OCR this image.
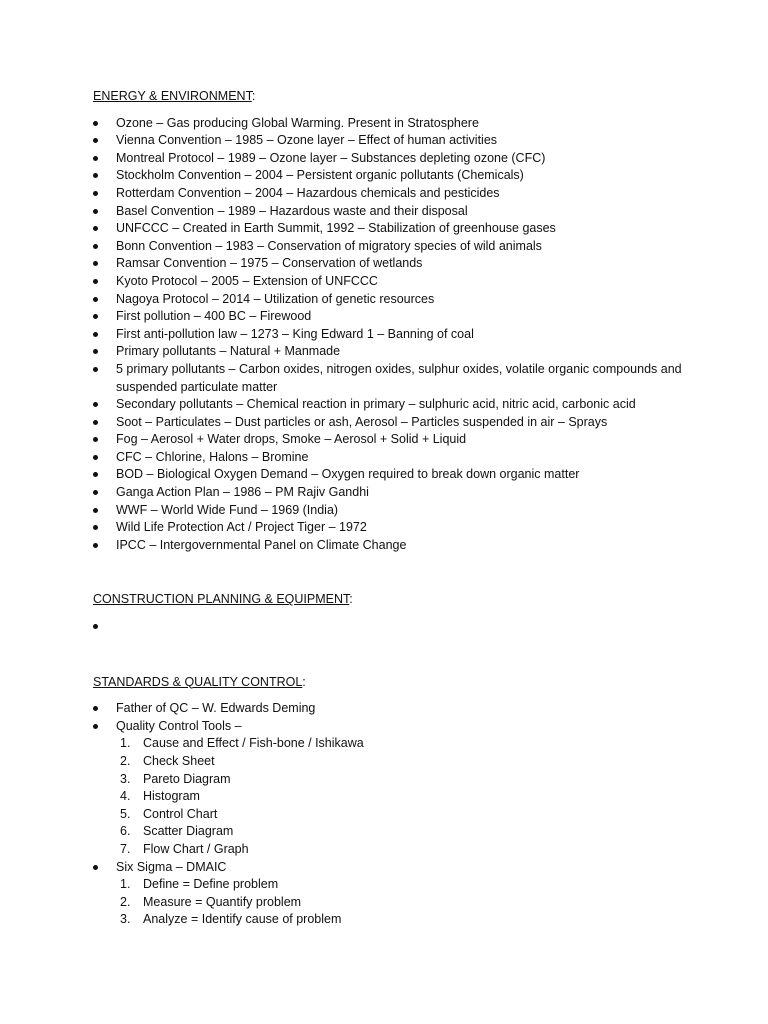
ENERGY & ENVIRONMENT:
Ozone – Gas producing Global Warming. Present in Stratosphere
Vienna Convention – 1985 – Ozone layer – Effect of human activities
Montreal Protocol – 1989 – Ozone layer – Substances depleting ozone (CFC)
Stockholm Convention – 2004 – Persistent organic pollutants (Chemicals)
Rotterdam Convention – 2004 – Hazardous chemicals and pesticides
Basel Convention – 1989 – Hazardous waste and their disposal
UNFCCC – Created in Earth Summit, 1992 – Stabilization of greenhouse gases
Bonn Convention – 1983 – Conservation of migratory species of wild animals
Ramsar Convention – 1975 – Conservation of wetlands
Kyoto Protocol – 2005 – Extension of UNFCCC
Nagoya Protocol – 2014 – Utilization of genetic resources
First pollution – 400 BC – Firewood
First anti-pollution law – 1273 – King Edward 1 – Banning of coal
Primary pollutants – Natural + Manmade
5 primary pollutants – Carbon oxides, nitrogen oxides, sulphur oxides, volatile organic compounds and suspended particulate matter
Secondary pollutants – Chemical reaction in primary – sulphuric acid, nitric acid, carbonic acid
Soot – Particulates – Dust particles or ash, Aerosol – Particles suspended in air – Sprays
Fog – Aerosol + Water drops, Smoke – Aerosol + Solid + Liquid
CFC – Chlorine, Halons – Bromine
BOD – Biological Oxygen Demand – Oxygen required to break down organic matter
Ganga Action Plan – 1986 – PM Rajiv Gandhi
WWF – World Wide Fund – 1969 (India)
Wild Life Protection Act / Project Tiger – 1972
IPCC – Intergovernmental Panel on Climate Change
CONSTRUCTION PLANNING & EQUIPMENT:
STANDARDS & QUALITY CONTROL:
Father of QC – W. Edwards Deming
Quality Control Tools –
1. Cause and Effect / Fish-bone / Ishikawa
2. Check Sheet
3. Pareto Diagram
4. Histogram
5. Control Chart
6. Scatter Diagram
7. Flow Chart / Graph
Six Sigma – DMAIC
1. Define = Define problem
2. Measure = Quantify problem
3. Analyze = Identify cause of problem
